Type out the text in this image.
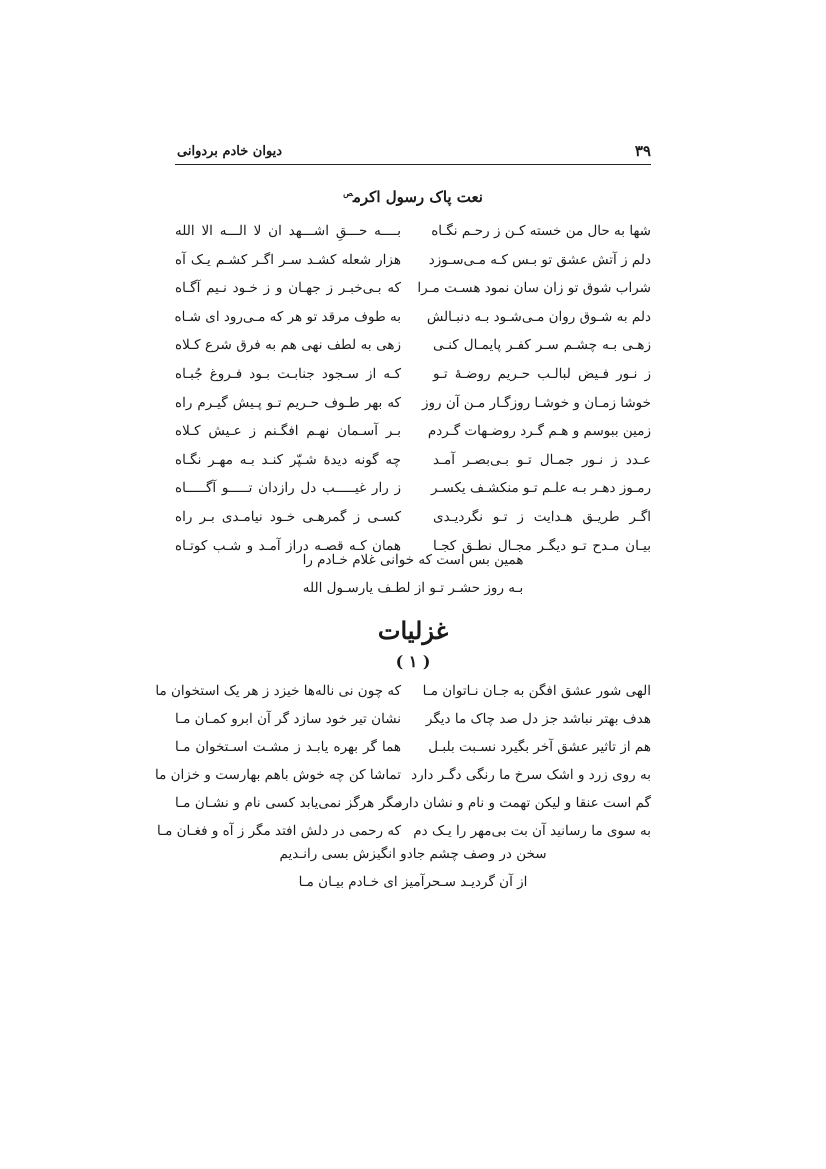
۳۹
دیوان خادم بردوانی
نعت پاک رسول اکرم$^ص$
شها به حال من خسته کـن ز رحـم نگـاه
بــــه حـــقِ اشـــهد ان لا الـــه الا الله
دلم ز آتش عشق تو بـس کـه مـی‌سـوزد
هزار شعله کشـد سـر اگـر کشـم یـک آه
شراب شوق تو زان سان نمود هسـت مـرا
که بـی‌خبـر ز جهـان و ز خـود نـیم آگـاه
دلم به شـوق روان مـی‌شـود بـه دنبـالش
به طوف مرقد تو هر که مـی‌رود ای شـاه
زهـی بـه چشـم سـر کفـر پایمـال کنـی
زهی به لطف نهی هم به فرق شرع کـلاه
ز نـور فـیض لبالـب حـریم روضـۀ تـو
کـه از سـجود جنابـت بـود فـروغ جُبـاه
خوشا زمـان و خوشـا روزگـار مـن آن روز
که بهر طـوف حـریم تـو پـیش گیـرم راه
زمین ببوسم و هـم گـرد روضـهات گـردم
بـر آسـمان نهـم افگـنم ز عـیش کـلاه
عـدد ز نـور جمـال تـو بـی‌بصـر آمـد
چه گونه دیدۀ شـپّر کنـد بـه مهـر نگـاه
رمـوز دهـر بـه علـم تـو منکشـف یکسـر
ز رار غیـــــب دل رازدان تـــــو آگـــــاه
اگـر طریـق هـدایت ز تـو نگردیـدی
کسـی ز گمرهـی خـود نیامـدی بـر راه
بیـان مـدح تـو دیگـر مجـال نطـق کجـا
همان کـه قصـه دراز آمـد و شـب کوتـاه
همین بس است که خوانی غلام خـادم را
بـه روز حشـر تـو از لطـف یارسـول الله
غزلیات
( ۱ )
الهی شور عشق افگن به جـان نـاتوان مـا
که چون نی ناله‌ها خیزد ز هر یک استخوان ما
هدف بهتر نباشد جز دل صد چاک ما دیگر
نشان تیر خود سازد گر آن ابرو کمـان مـا
هم از تاثیر عشق آخر بگیرد نسـبت بلبـل
هما گر بهره یابـد ز مشـت اسـتخوان مـا
به روی زرد و اشک سرخ ما رنگی دگـر دارد
تماشا کن چه خوش باهم بهارست و خزان ما
گم است عنقا و لیکن تهمت و نام و نشان دارد
مگر هرگز نمی‌یابد کسی نام و نشـان مـا
به سوی ما رسانید آن بت بی‌مهر را یـک دم
که رحمی در دلش افتد مگر ز آه و فغـان مـا
سخن در وصف چشم جادو انگیزش بسی رانـدیم
از آن گردیـد سـحرآمیز ای خـادم بیـان مـا
